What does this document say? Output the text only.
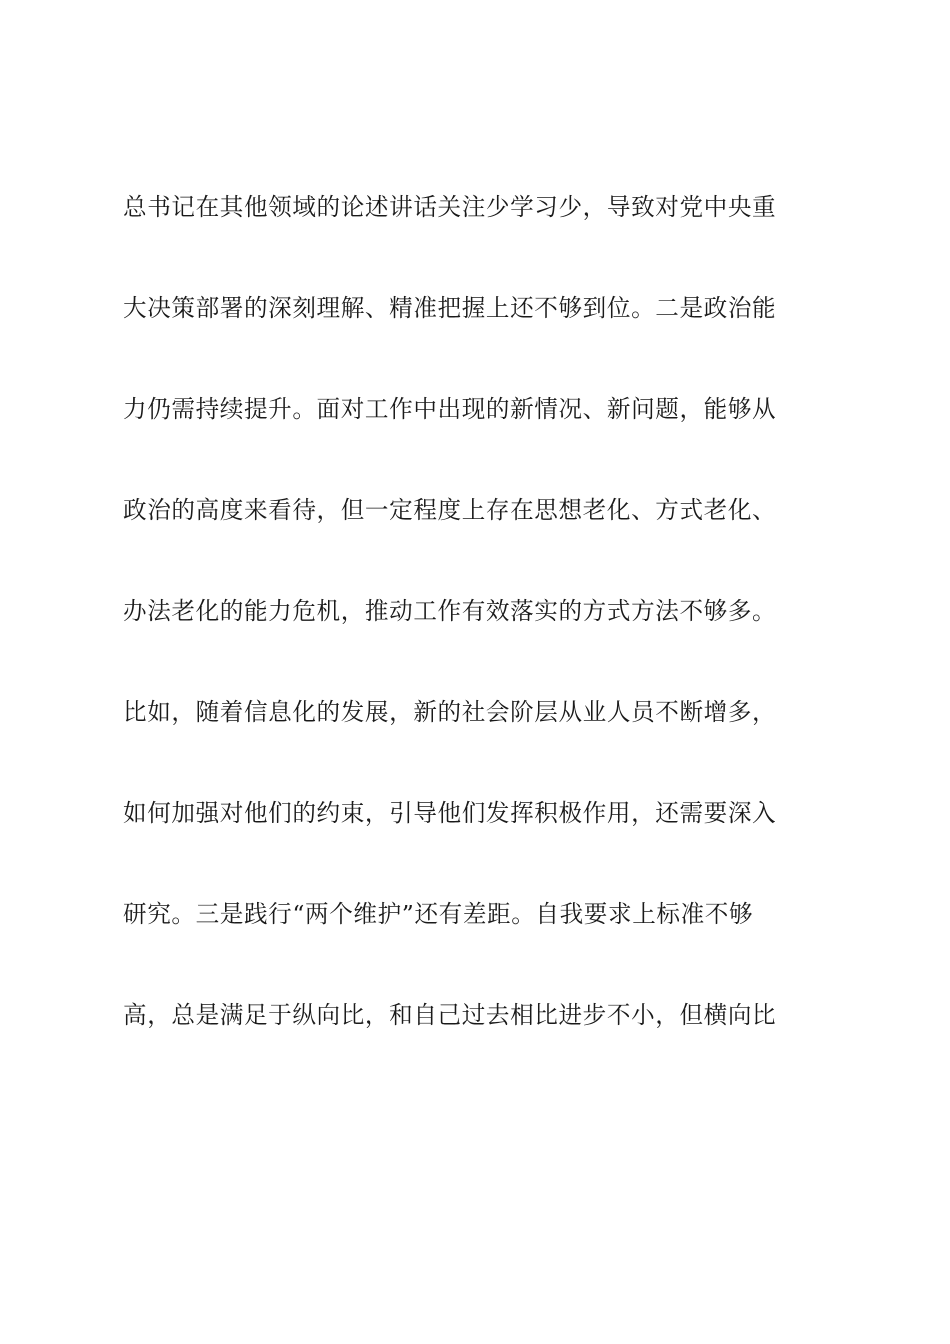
总书记在其他领域的论述讲话关注少学习少，导致对党中央重
大决策部署的深刻理解、精准把握上还不够到位。二是政治能
力仍需持续提升。面对工作中出现的新情况、新问题，能够从
政治的高度来看待，但一定程度上存在思想老化、方式老化、
办法老化的能力危机，推动工作有效落实的方式方法不够多。
比如，随着信息化的发展，新的社会阶层从业人员不断增多，
如何加强对他们的约束，引导他们发挥积极作用，还需要深入
研究。三是践行“两个维护”还有差距。自我要求上标准不够
高，总是满足于纵向比，和自己过去相比进步不小，但横向比
